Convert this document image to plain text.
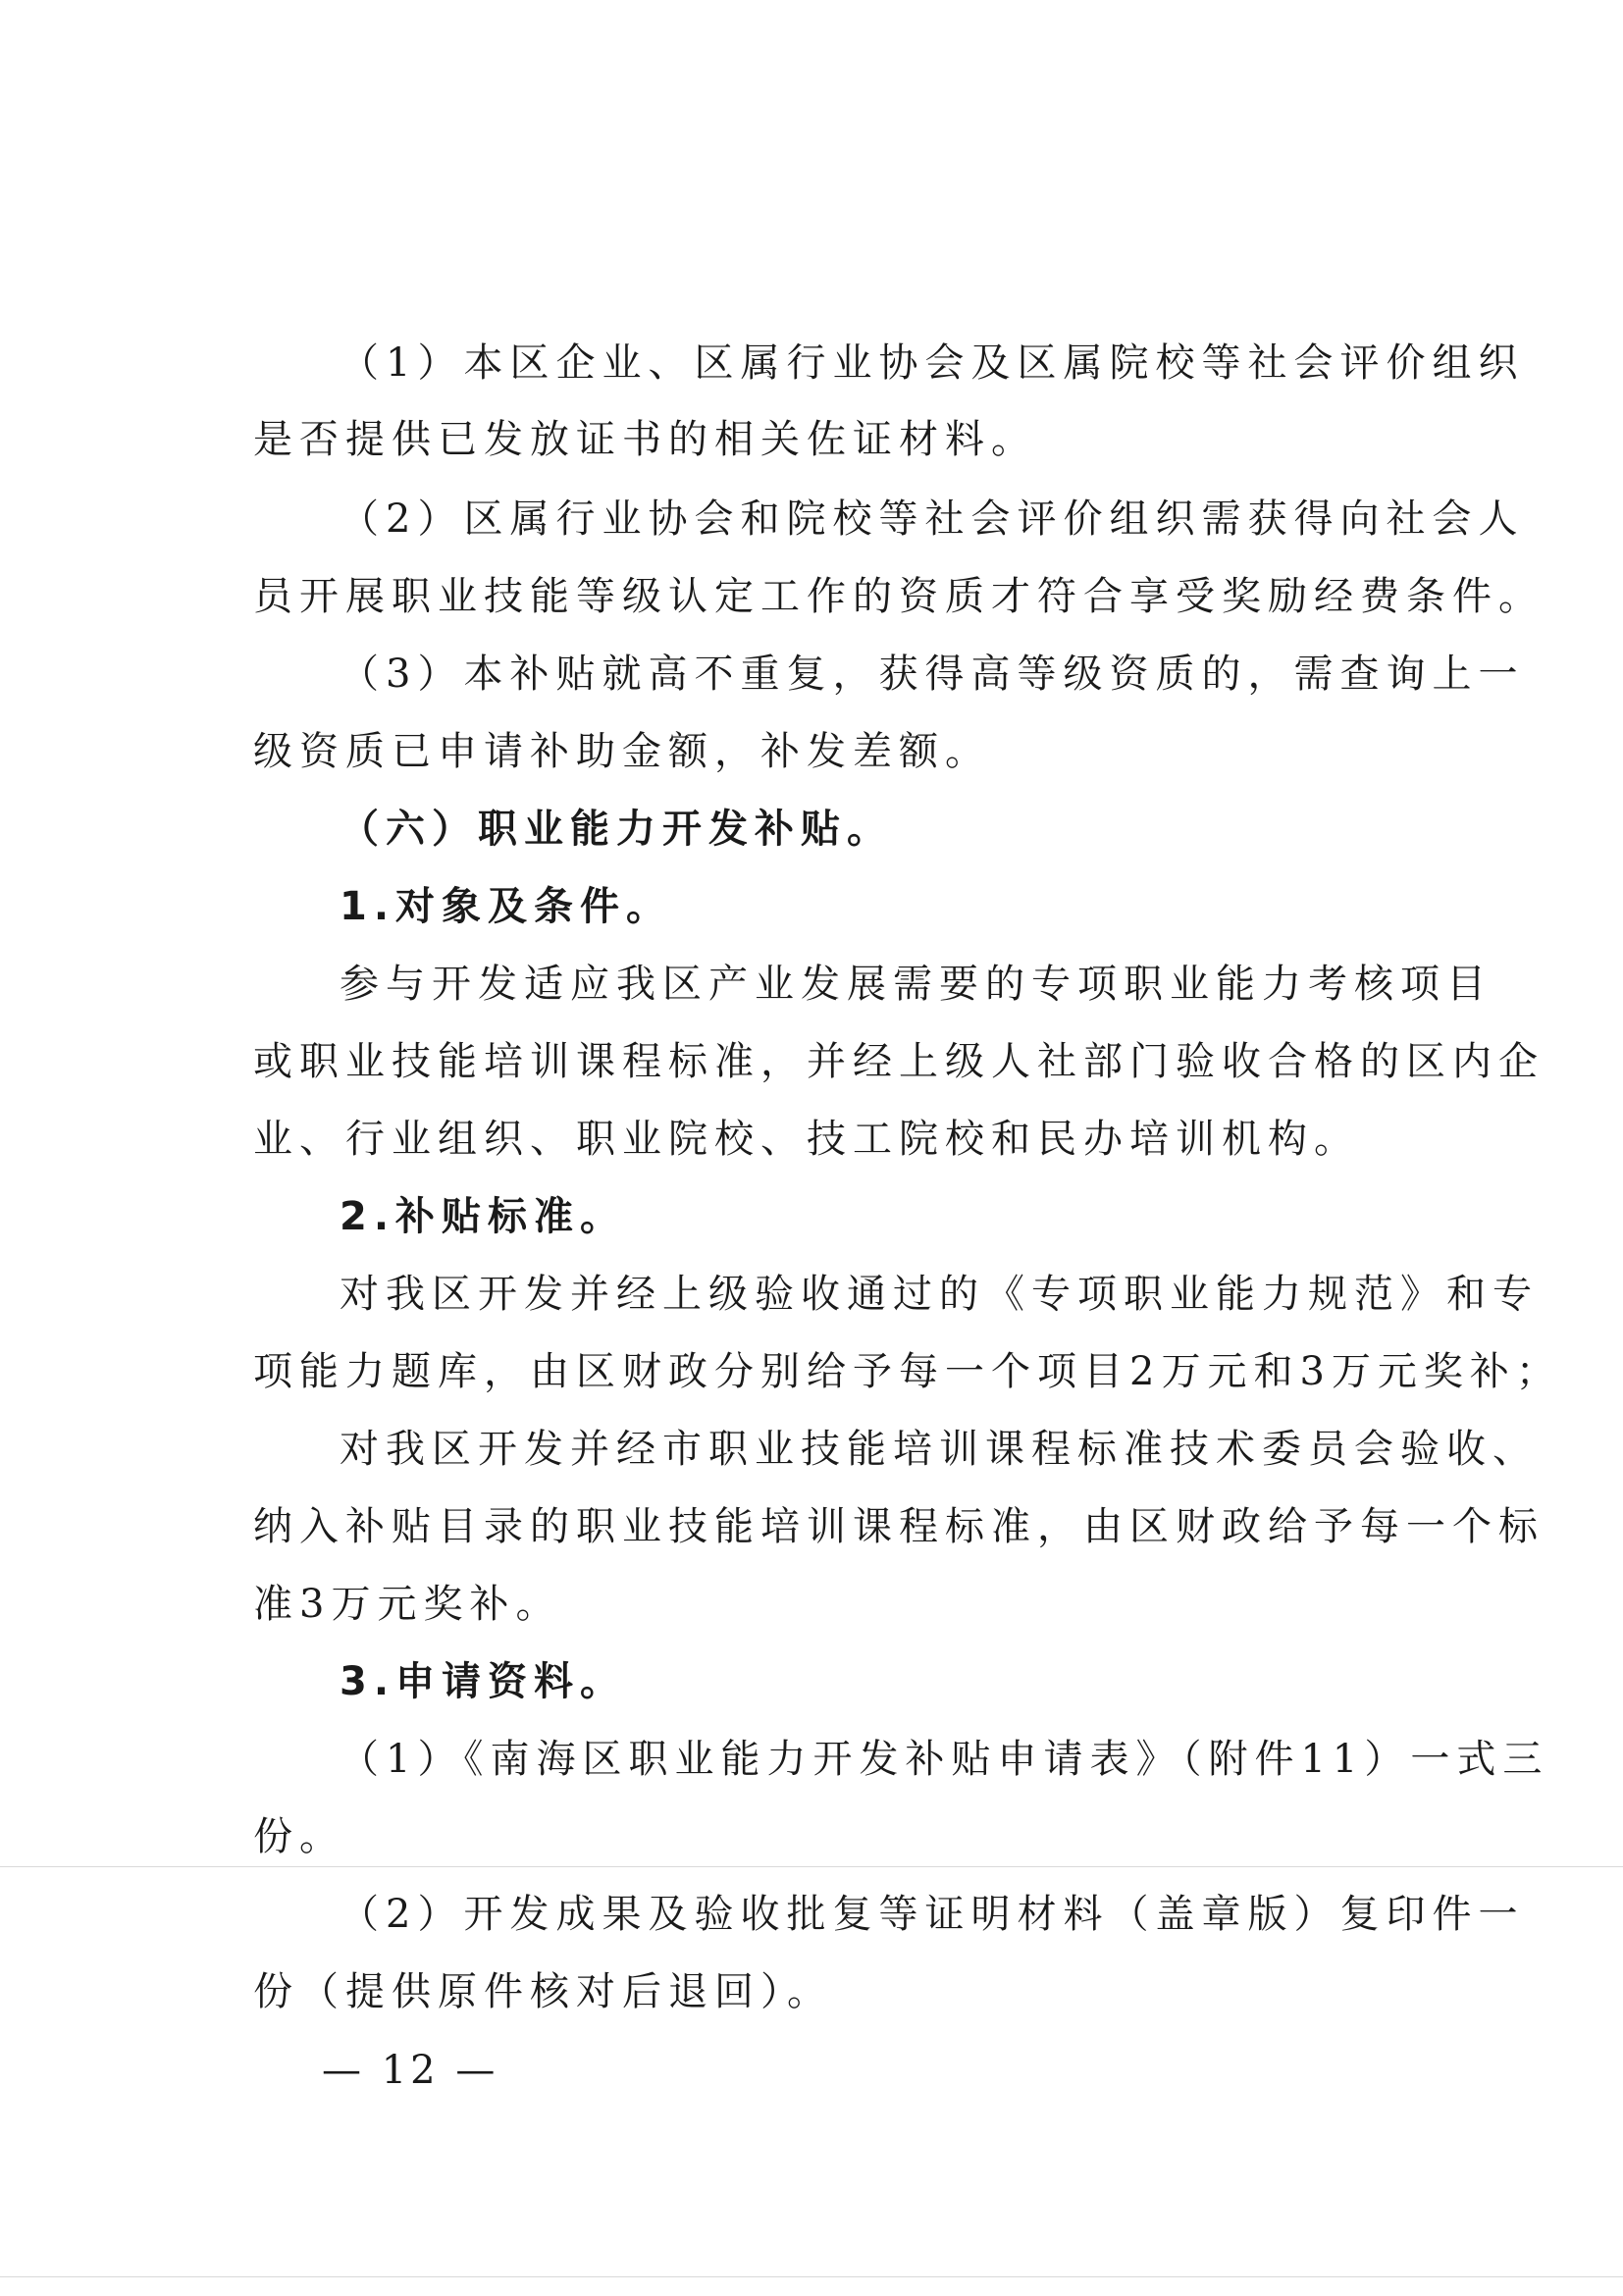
（1）本区企业、区属行业协会及区属院校等社会评价组织
是否提供已发放证书的相关佐证材料。
（2）区属行业协会和院校等社会评价组织需获得向社会人
员开展职业技能等级认定工作的资质才符合享受奖励经费条件。
（3）本补贴就高不重复，获得高等级资质的，需查询上一
级资质已申请补助金额，补发差额。
（六）职业能力开发补贴。
1.对象及条件。
参与开发适应我区产业发展需要的专项职业能力考核项目
或职业技能培训课程标准，并经上级人社部门验收合格的区内企
业、行业组织、职业院校、技工院校和民办培训机构。
2.补贴标准。
对我区开发并经上级验收通过的《专项职业能力规范》和专
项能力题库，由区财政分别给予每一个项目2万元和3万元奖补；
对我区开发并经市职业技能培训课程标准技术委员会验收、
纳入补贴目录的职业技能培训课程标准，由区财政给予每一个标
准3万元奖补。
3.申请资料。
（1）《南海区职业能力开发补贴申请表》（附件11）一式三
份。
（2）开发成果及验收批复等证明材料（盖章版）复印件一
份（提供原件核对后退回）。
— 12 —
